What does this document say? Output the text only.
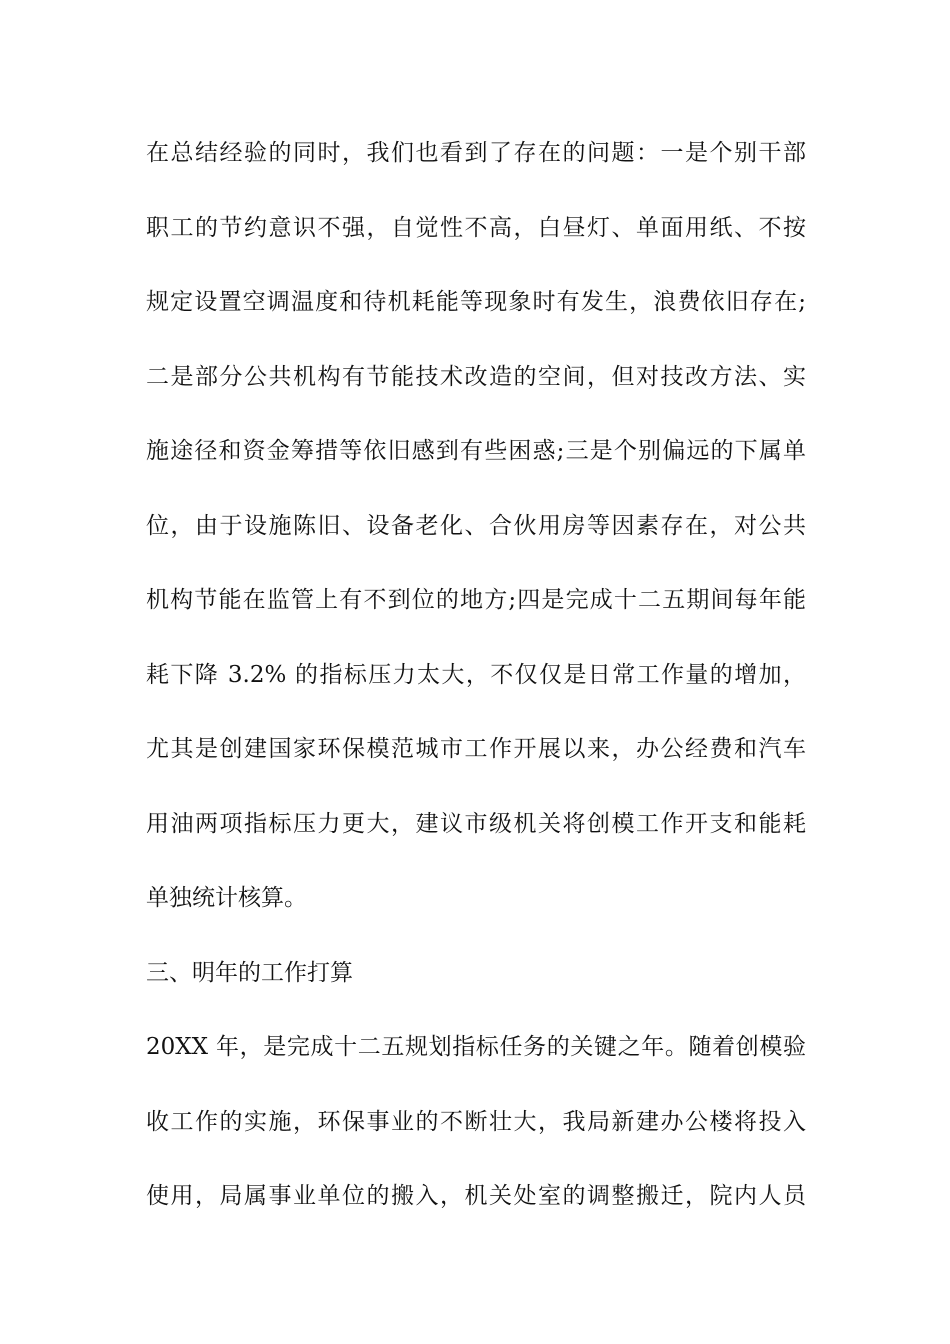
在总结经验的同时，我们也看到了存在的问题：一是个别干部
职工的节约意识不强，自觉性不高，白昼灯、单面用纸、不按
规定设置空调温度和待机耗能等现象时有发生，浪费依旧存在;
二是部分公共机构有节能技术改造的空间，但对技改方法、实
施途径和资金筹措等依旧感到有些困惑;三是个别偏远的下属单
位，由于设施陈旧、设备老化、合伙用房等因素存在，对公共
机构节能在监管上有不到位的地方;四是完成十二五期间每年能
耗下降 3.2% 的指标压力太大，不仅仅是日常工作量的增加，
尤其是创建国家环保模范城市工作开展以来，办公经费和汽车
用油两项指标压力更大，建议市级机关将创模工作开支和能耗
单独统计核算。
三、明年的工作打算
20XX 年，是完成十二五规划指标任务的关键之年。随着创模验
收工作的实施，环保事业的不断壮大，我局新建办公楼将投入
使用，局属事业单位的搬入，机关处室的调整搬迁，院内人员
